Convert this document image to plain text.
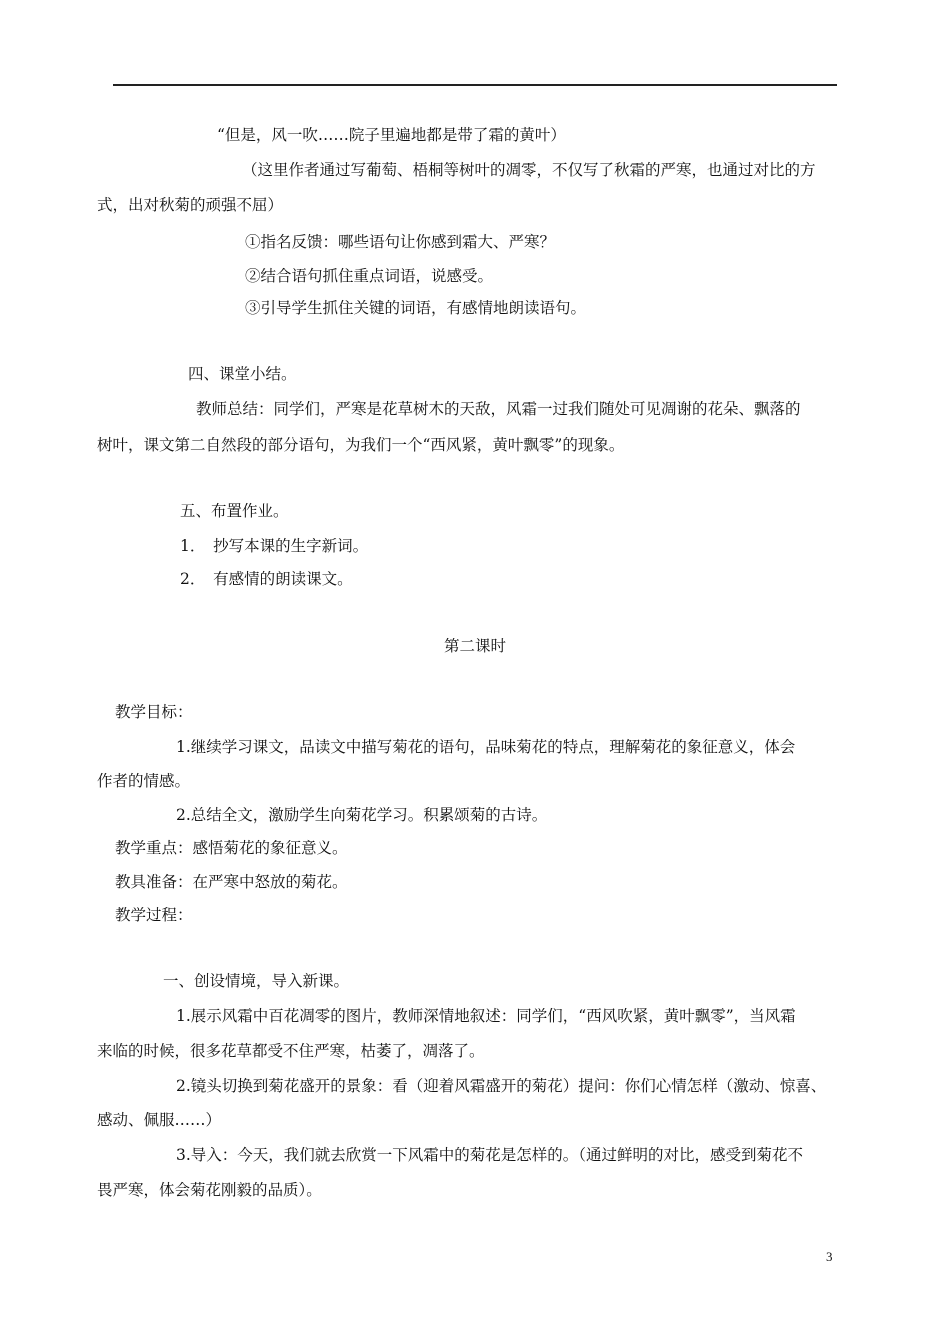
“但是，风一吹……院子里遍地都是带了霜的黄叶）
（这里作者通过写葡萄、梧桐等树叶的凋零，不仅写了秋霜的严寒，也通过对比的方
式，出对秋菊的顽强不屈）
①指名反馈：哪些语句让你感到霜大、严寒？
②结合语句抓住重点词语，说感受。
③引导学生抓住关键的词语，有感情地朗读语句。
四、课堂小结。
教师总结：同学们，严寒是花草树木的天敌，风霜一过我们随处可见凋谢的花朵、飘落的
树叶，课文第二自然段的部分语句，为我们一个“西风紧，黄叶飘零”的现象。
五、布置作业。
1．　抄写本课的生字新词。
2．　有感情的朗读课文。
第二课时
教学目标：
1.继续学习课文，品读文中描写菊花的语句，品味菊花的特点，理解菊花的象征意义，体会
作者的情感。
2.总结全文，激励学生向菊花学习。积累颂菊的古诗。
教学重点：感悟菊花的象征意义。
教具准备：在严寒中怒放的菊花。
教学过程：
一、创设情境，导入新课。
1.展示风霜中百花凋零的图片，教师深情地叙述：同学们，“西风吹紧，黄叶飘零”，当风霜
来临的时候，很多花草都受不住严寒，枯萎了，凋落了。
2.镜头切换到菊花盛开的景象：看（迎着风霜盛开的菊花）提问：你们心情怎样（激动、惊喜、
感动、佩服……）
3.导入：今天，我们就去欣赏一下风霜中的菊花是怎样的。（通过鲜明的对比，感受到菊花不
畏严寒，体会菊花刚毅的品质）。
3
